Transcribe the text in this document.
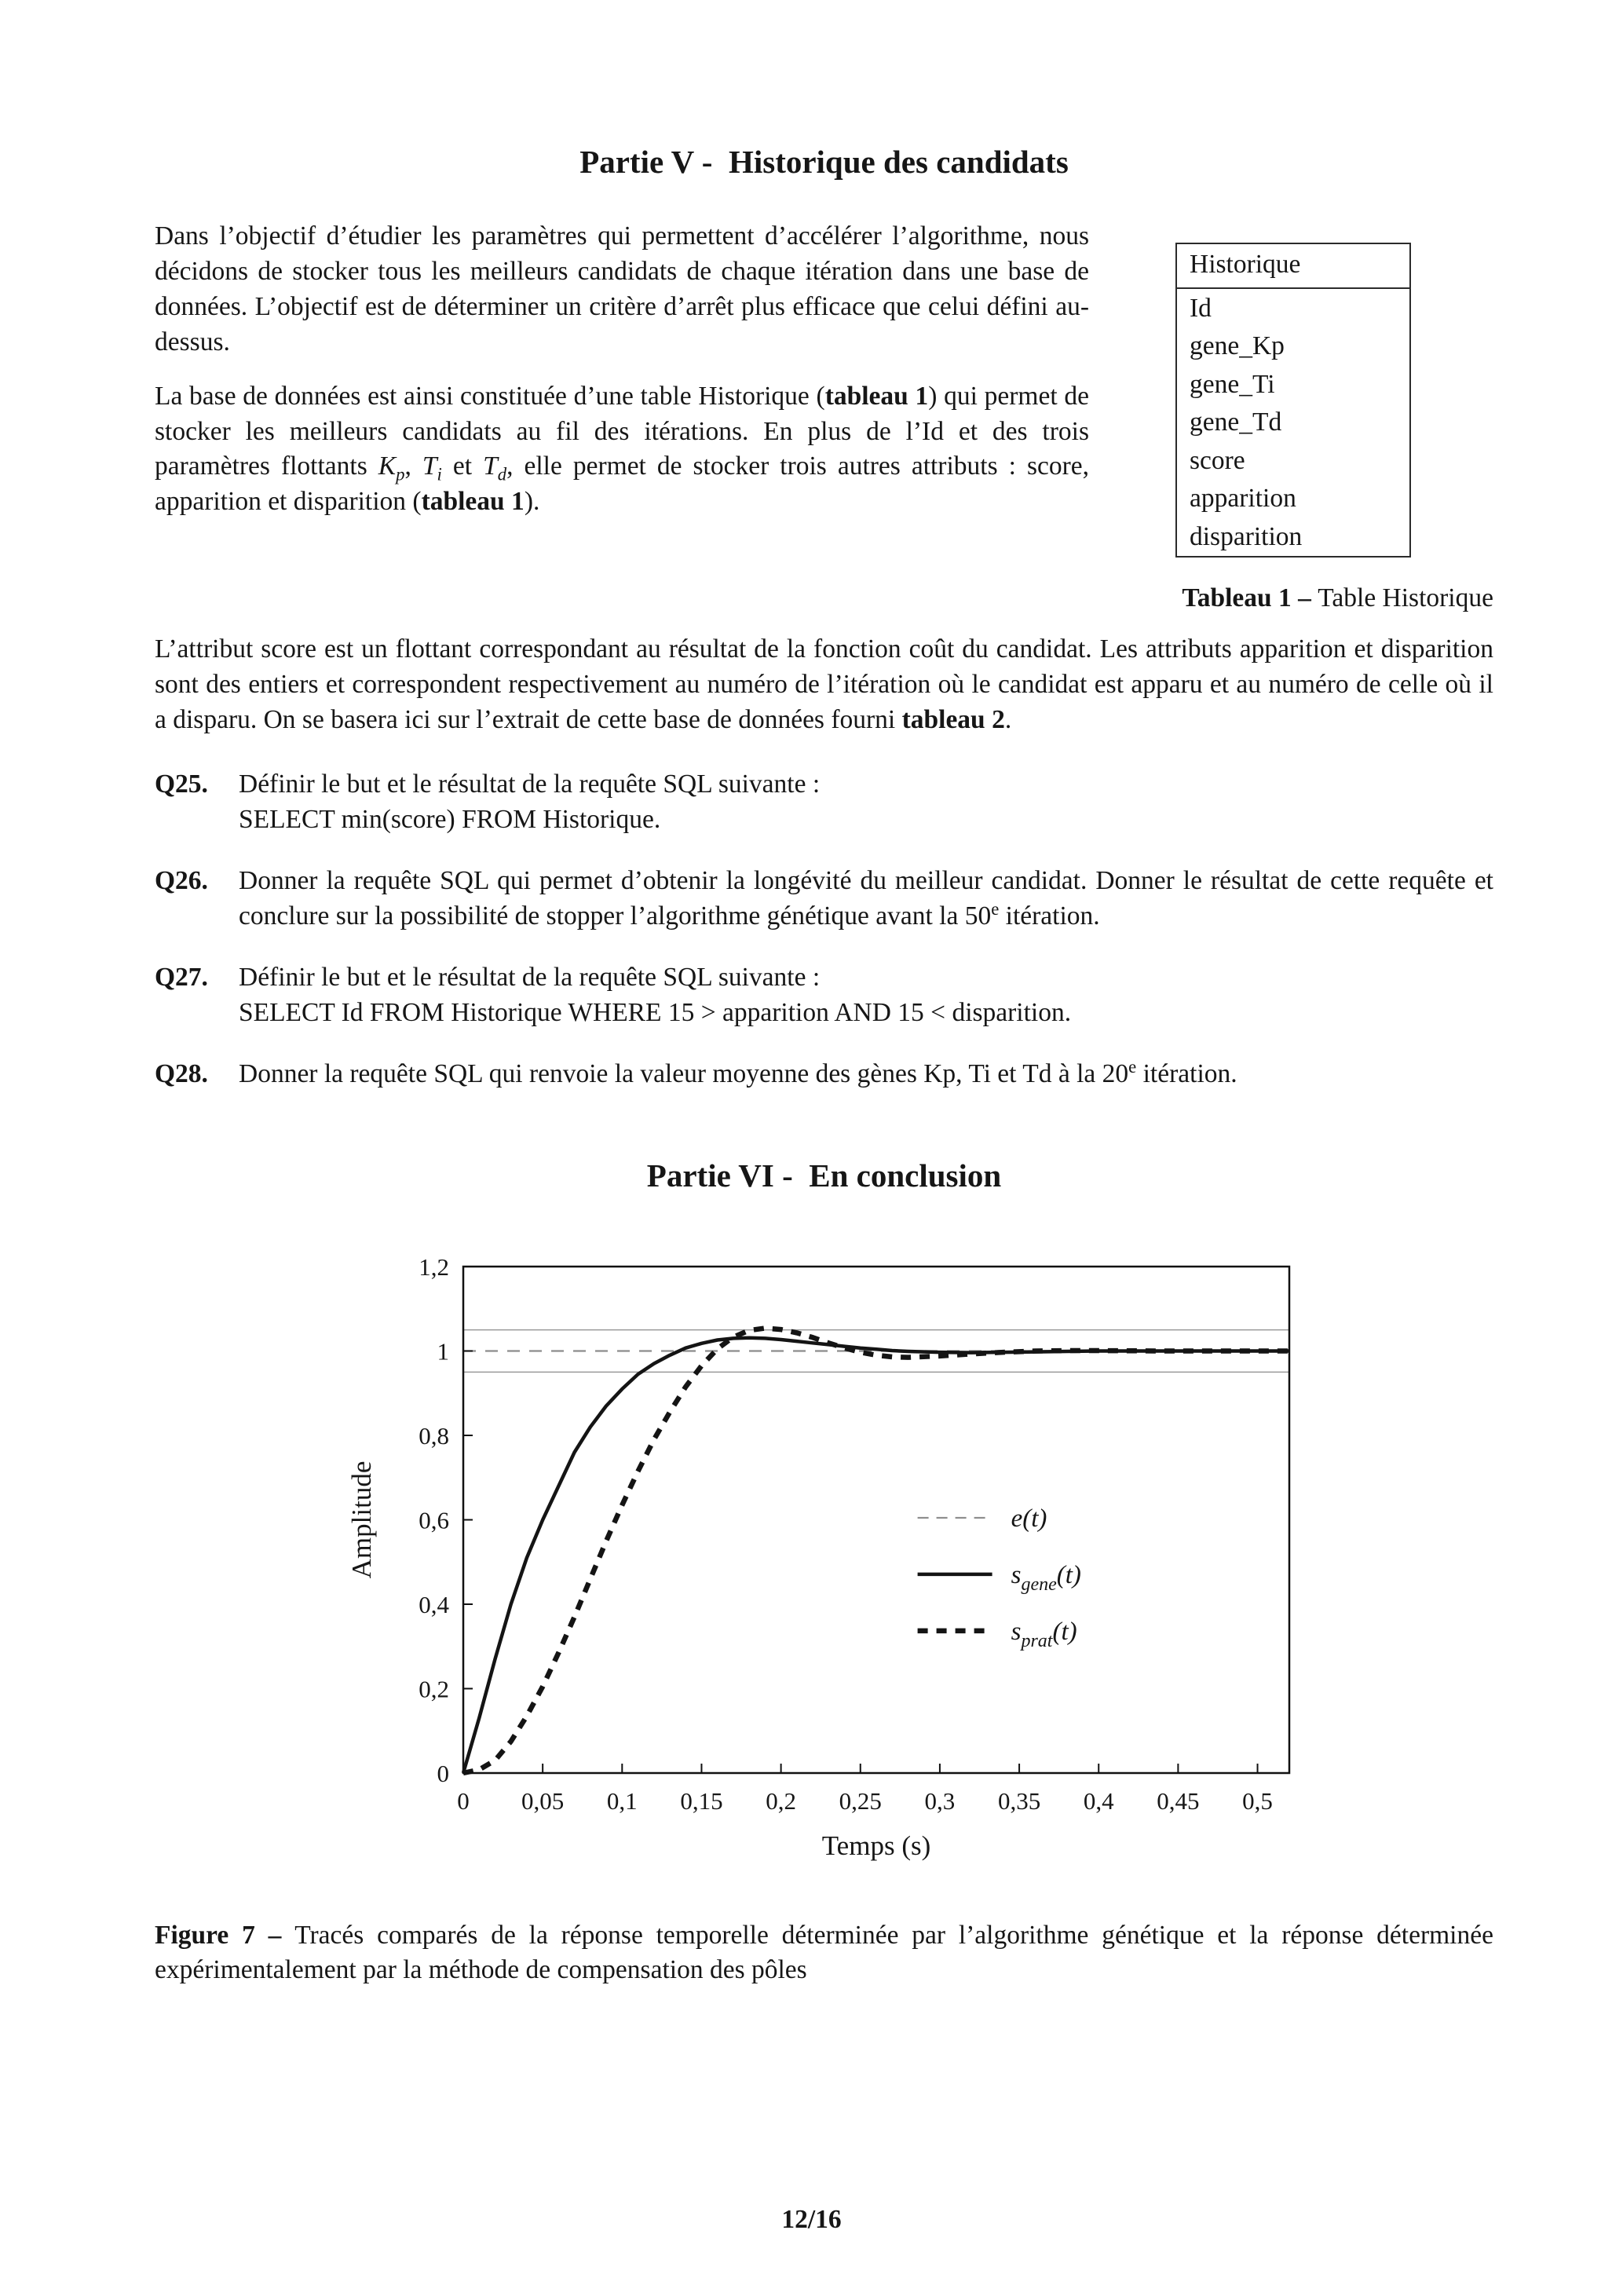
Partie V -  Historique des candidats
Historique
Id
gene_Kp
gene_Ti
gene_Td
score
apparition
disparition
Tableau 1 – Table Historique

Dans l’objectif d’étudier les paramètres qui permettent d’accélérer l’algorithme, nous décidons de stocker tous les meilleurs candidats de chaque itération dans une base de données. L’objectif est de déterminer un critère d’arrêt plus efficace que celui défini au-dessus.

La base de données est ainsi constituée d’une table Historique (tableau 1) qui permet de stocker les meilleurs candidats au fil des itérations. En plus de l’Id et des trois paramètres flottants $K_p$, $T_i$ et $T_d$, elle permet de stocker trois autres attributs : score, apparition et disparition (tableau 1).

L’attribut score est un flottant correspondant au résultat de la fonction coût du candidat. Les attributs apparition et disparition sont des entiers et correspondent respectivement au numéro de l’itération où le candidat est apparu et au numéro de celle où il a disparu. On se basera ici sur l’extrait de cette base de données fourni tableau 2.

Q25. Définir le but et le résultat de la requête SQL suivante :
SELECT min(score) FROM Historique.
Q26. Donner la requête SQL qui permet d’obtenir la longévité du meilleur candidat. Donner le résultat de cette requête et conclure sur la possibilité de stopper l’algorithme génétique avant la 50e itération.
Q27. Définir le but et le résultat de la requête SQL suivante :
SELECT Id FROM Historique WHERE 15 > apparition AND 15 < disparition.
Q28. Donner la requête SQL qui renvoie la valeur moyenne des gènes Kp, Ti et Td à la 20e itération.
Partie VI -  En conclusion
0 0,05 0,1 0,15 0,2 0,25 0,3 0,35 0,4 0,45 0,5
0
0,2
0,4
0,6
0,8
1
1,2
Temps (s)
Amplitude	e(t)
$s_{gene}(t)$
$s_{prat}(t)$

Figure 7 – Tracés comparés de la réponse temporelle déterminée par l’algorithme génétique et la réponse déterminée expérimentalement par la méthode de compensation des pôles

12/16
